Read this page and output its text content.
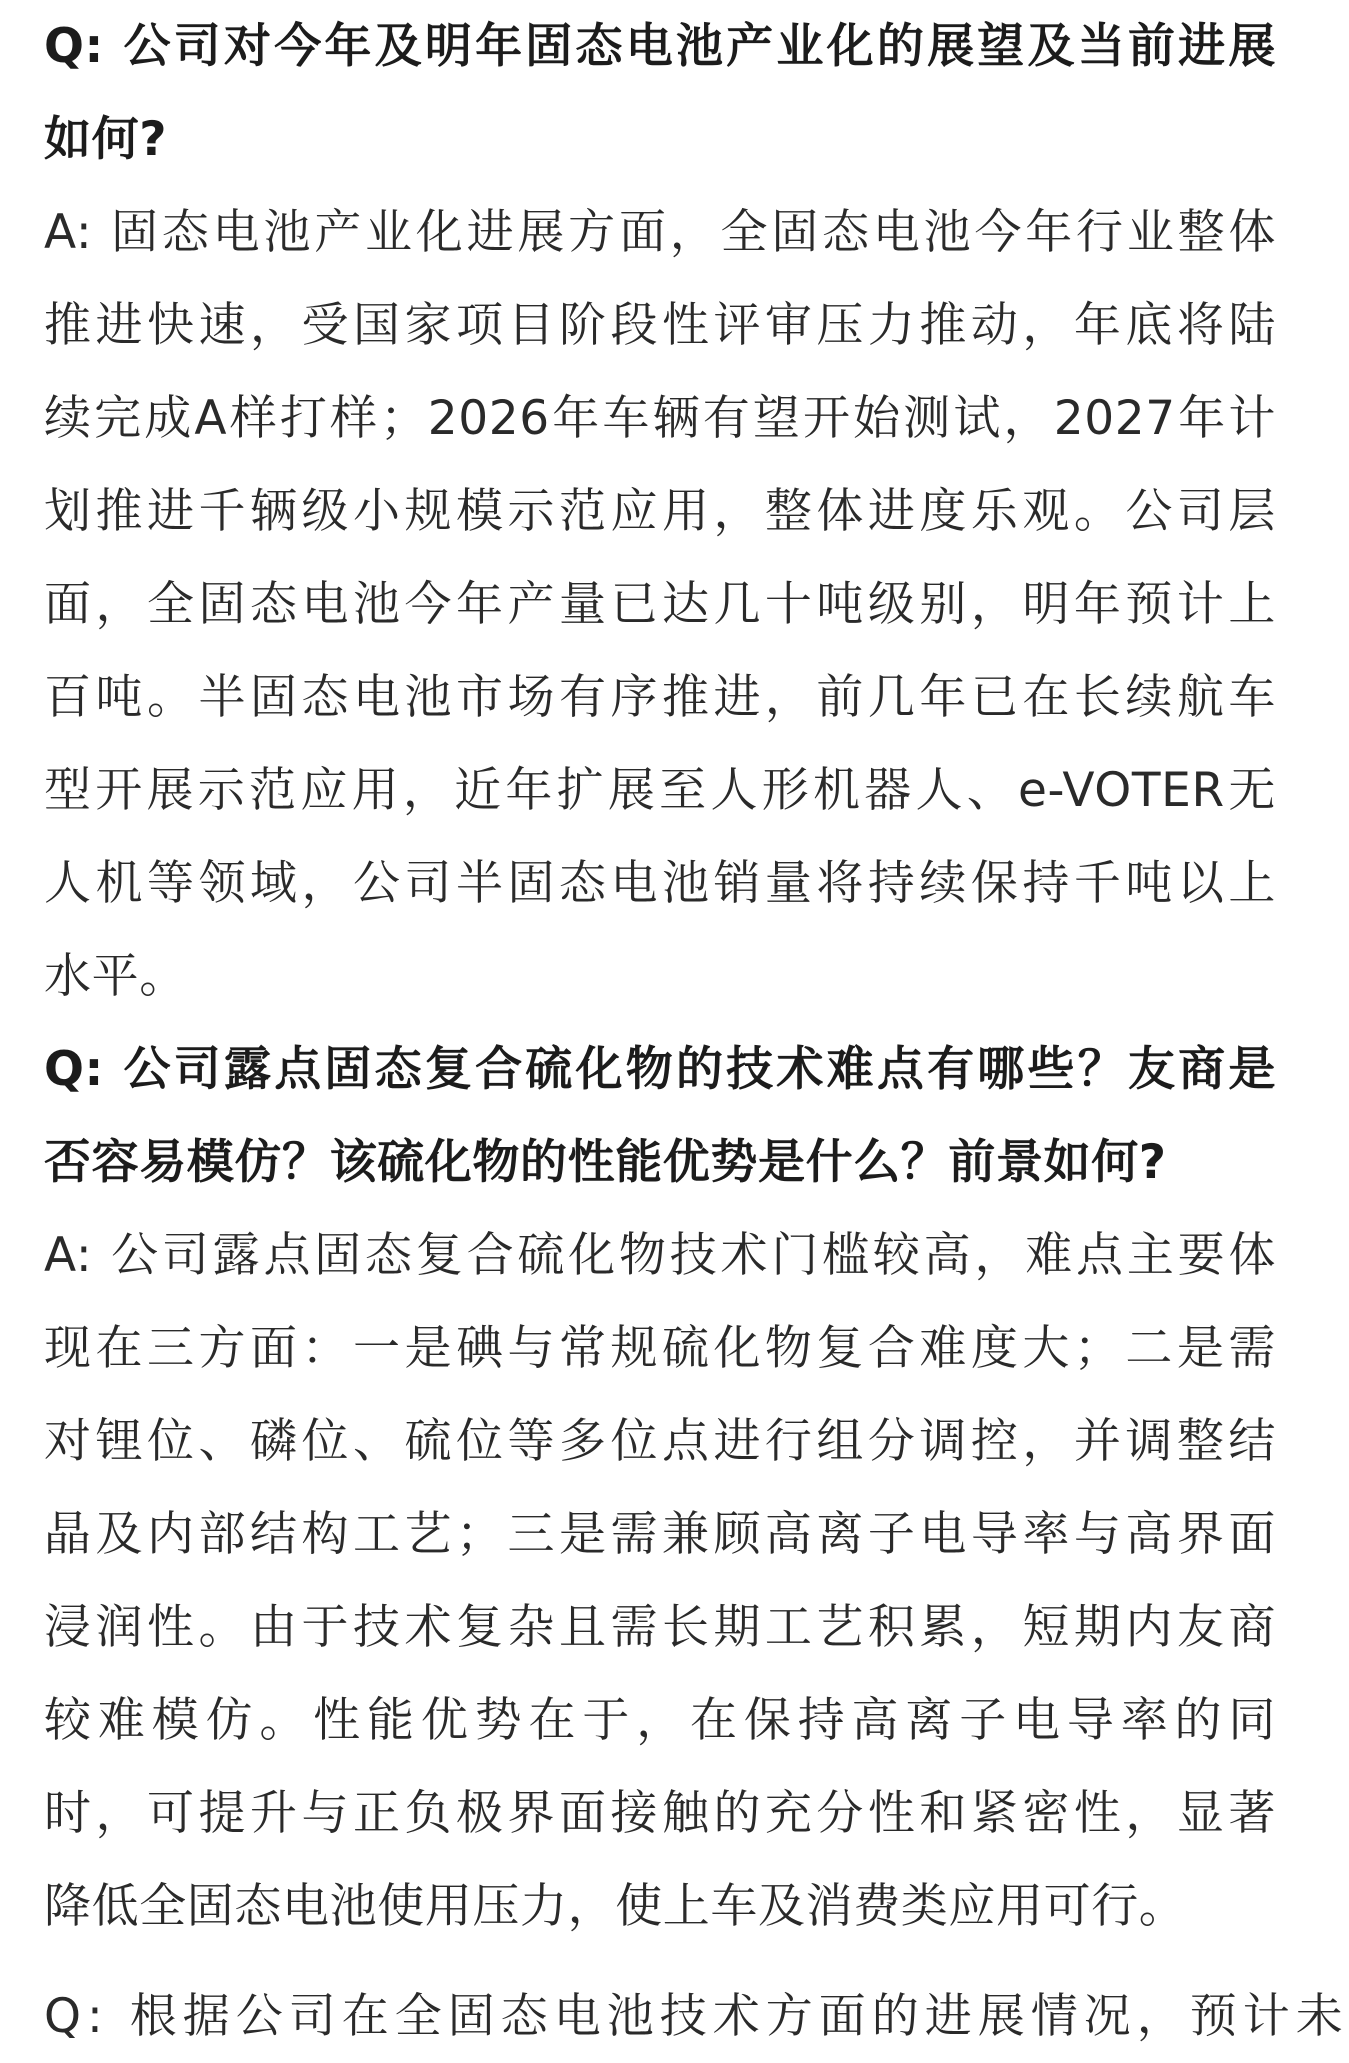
Q: 公司对今年及明年固态电池产业化的展望及当前进展
如何?

A: 固态电池产业化进展方面，全固态电池今年行业整体
推进快速，受国家项目阶段性评审压力推动，年底将陆
续完成A样打样；2026年车辆有望开始测试，2027年计
划推进千辆级小规模示范应用，整体进度乐观。公司层
面，全固态电池今年产量已达几十吨级别，明年预计上
百吨。半固态电池市场有序推进，前几年已在长续航车
型开展示范应用，近年扩展至人形机器人、e-VOTER无
人机等领域，公司半固态电池销量将持续保持千吨以上
水平。

Q: 公司露点固态复合硫化物的技术难点有哪些？友商是
否容易模仿？该硫化物的性能优势是什么？前景如何?

A: 公司露点固态复合硫化物技术门槛较高，难点主要体
现在三方面：一是碘与常规硫化物复合难度大；二是需
对锂位、磷位、硫位等多位点进行组分调控，并调整结
晶及内部结构工艺；三是需兼顾高离子电导率与高界面
浸润性。由于技术复杂且需长期工艺积累，短期内友商
较难模仿。性能优势在于，在保持高离子电导率的同
时，可提升与正负极界面接触的充分性和紧密性，显著
降低全固态电池使用压力，使上车及消费类应用可行。

Q: 根据公司在全固态电池技术方面的进展情况，预计未
